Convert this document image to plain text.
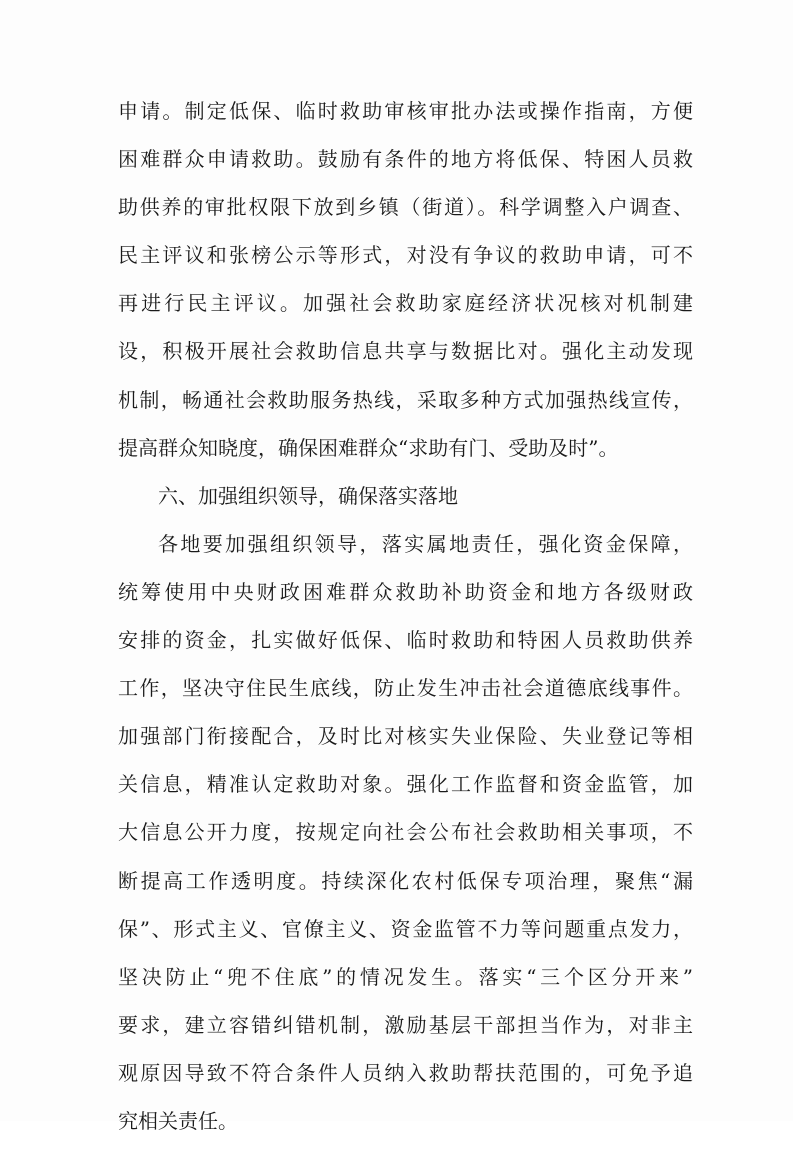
申请。制定低保、临时救助审核审批办法或操作指南，方便
困难群众申请救助。鼓励有条件的地方将低保、特困人员救
助供养的审批权限下放到乡镇（街道）。科学调整入户调查、
民主评议和张榜公示等形式，对没有争议的救助申请，可不
再进行民主评议。加强社会救助家庭经济状况核对机制建
设，积极开展社会救助信息共享与数据比对。强化主动发现
机制，畅通社会救助服务热线，采取多种方式加强热线宣传，
提高群众知晓度，确保困难群众“求助有门、受助及时”。
六、加强组织领导，确保落实落地
各地要加强组织领导，落实属地责任，强化资金保障，
统筹使用中央财政困难群众救助补助资金和地方各级财政
安排的资金，扎实做好低保、临时救助和特困人员救助供养
工作，坚决守住民生底线，防止发生冲击社会道德底线事件。
加强部门衔接配合，及时比对核实失业保险、失业登记等相
关信息，精准认定救助对象。强化工作监督和资金监管，加
大信息公开力度，按规定向社会公布社会救助相关事项，不
断提高工作透明度。持续深化农村低保专项治理，聚焦“漏
保”、形式主义、官僚主义、资金监管不力等问题重点发力，
坚决防止“兜不住底”的情况发生。落实“三个区分开来”
要求，建立容错纠错机制，激励基层干部担当作为，对非主
观原因导致不符合条件人员纳入救助帮扶范围的，可免予追
究相关责任。
